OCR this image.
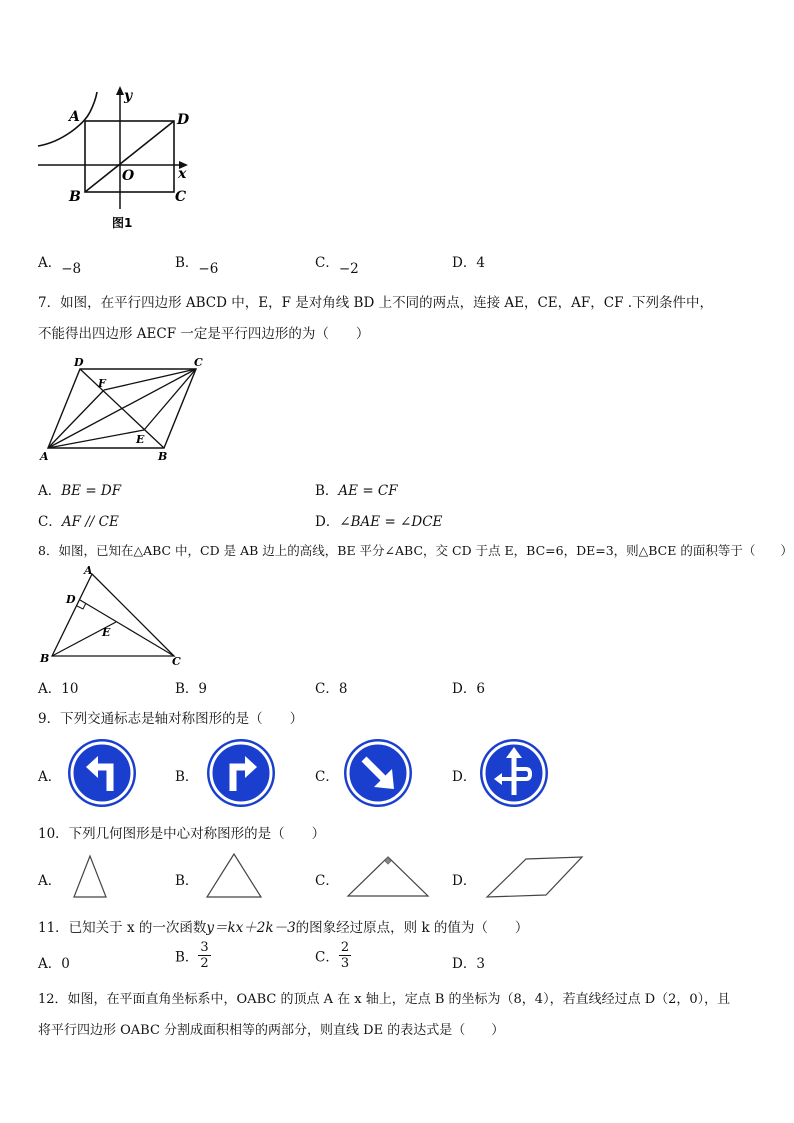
A	D
B	C
O	x
y
图1
A．−8	B．−6	C．−2	D．4
7．如图，在平行四边形 ABCD 中，E，F 是对角线 BD 上不同的两点，连接 AE，CE，AF，CF .下列条件中，
不能得出四边形 AECF 一定是平行四边形的为（　　）
A	B
C
D
E
F
A．BE = DF	B．AE = CF
C．AF // CE	D．∠BAE = ∠DCE
8．如图，已知在△ABC 中，CD 是 AB 边上的高线，BE 平分∠ABC，交 CD 于点 E，BC=6，DE=3，则△BCE 的面积等于（　　）
A
B	C
D
E
A．10	B．9	C．8	D．6
9．下列交通标志是轴对称图形的是（　　）
A．	B．	C．	D．
10．下列几何图形是中心对称图形的是（　　）
A．	B．	C．	D．
11．已知关于 x 的一次函数y＝kx＋2k－3的图象经过原点，则 k 的值为（　　）
A．0	B． $\frac{3}{2}$	C． $\frac{2}{3}$	D．3
12．如图，在平面直角坐标系中，OABC 的顶点 A 在 x 轴上，定点 B 的坐标为（8，4），若直线经过点 D（2，0），且
将平行四边形 OABC 分割成面积相等的两部分，则直线 DE 的表达式是（　　）
